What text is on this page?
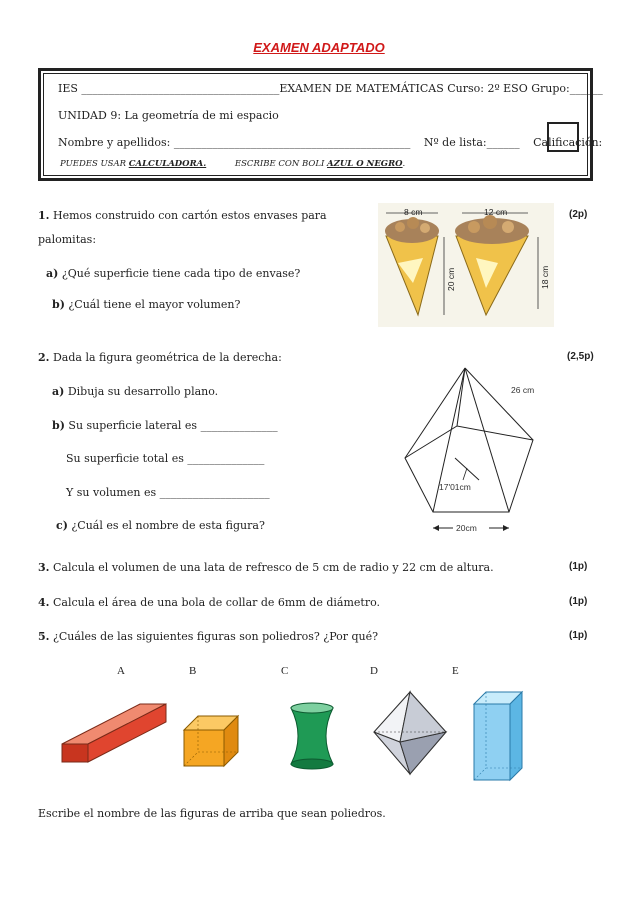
EXAMEN ADAPTADO
IES ____________________________________EXAMEN DE MATEMÁTICAS Curso: 2º ESO Grupo:______
UNIDAD 9: La geometría de mi espacio
Nombre y apellidos: ___________________________________________ Nº de lista:______ Calificación:
PUEDES USAR CALCULADORA.	ESCRIBE CON BOLI AZUL O NEGRO.
1. Hemos construido con cartón estos envases para
palomitas:
a) ¿Qué superficie tiene cada tipo de envase?
b) ¿Cuál tiene el mayor volumen?
(2p)
8 cm	12 cm
20 cm	18 cm
2. Dada la figura geométrica de la derecha:	(2,5p)
a) Dibuja su desarrollo plano.
b) Su superficie lateral es ______________
Su superficie total es ______________
Y su volumen es ____________________
c) ¿Cuál es el nombre de esta figura?
26 cm
17'01cm
20cm
3. Calcula el volumen de una lata de refresco de 5 cm de radio y 22 cm de altura.	(1p)
4. Calcula el área de una bola de collar de 6mm de diámetro.	(1p)
5. ¿Cuáles de las siguientes figuras son poliedros? ¿Por qué?	(1p)
A	B	C	D	E
Escribe el nombre de las figuras de arriba que sean poliedros.
